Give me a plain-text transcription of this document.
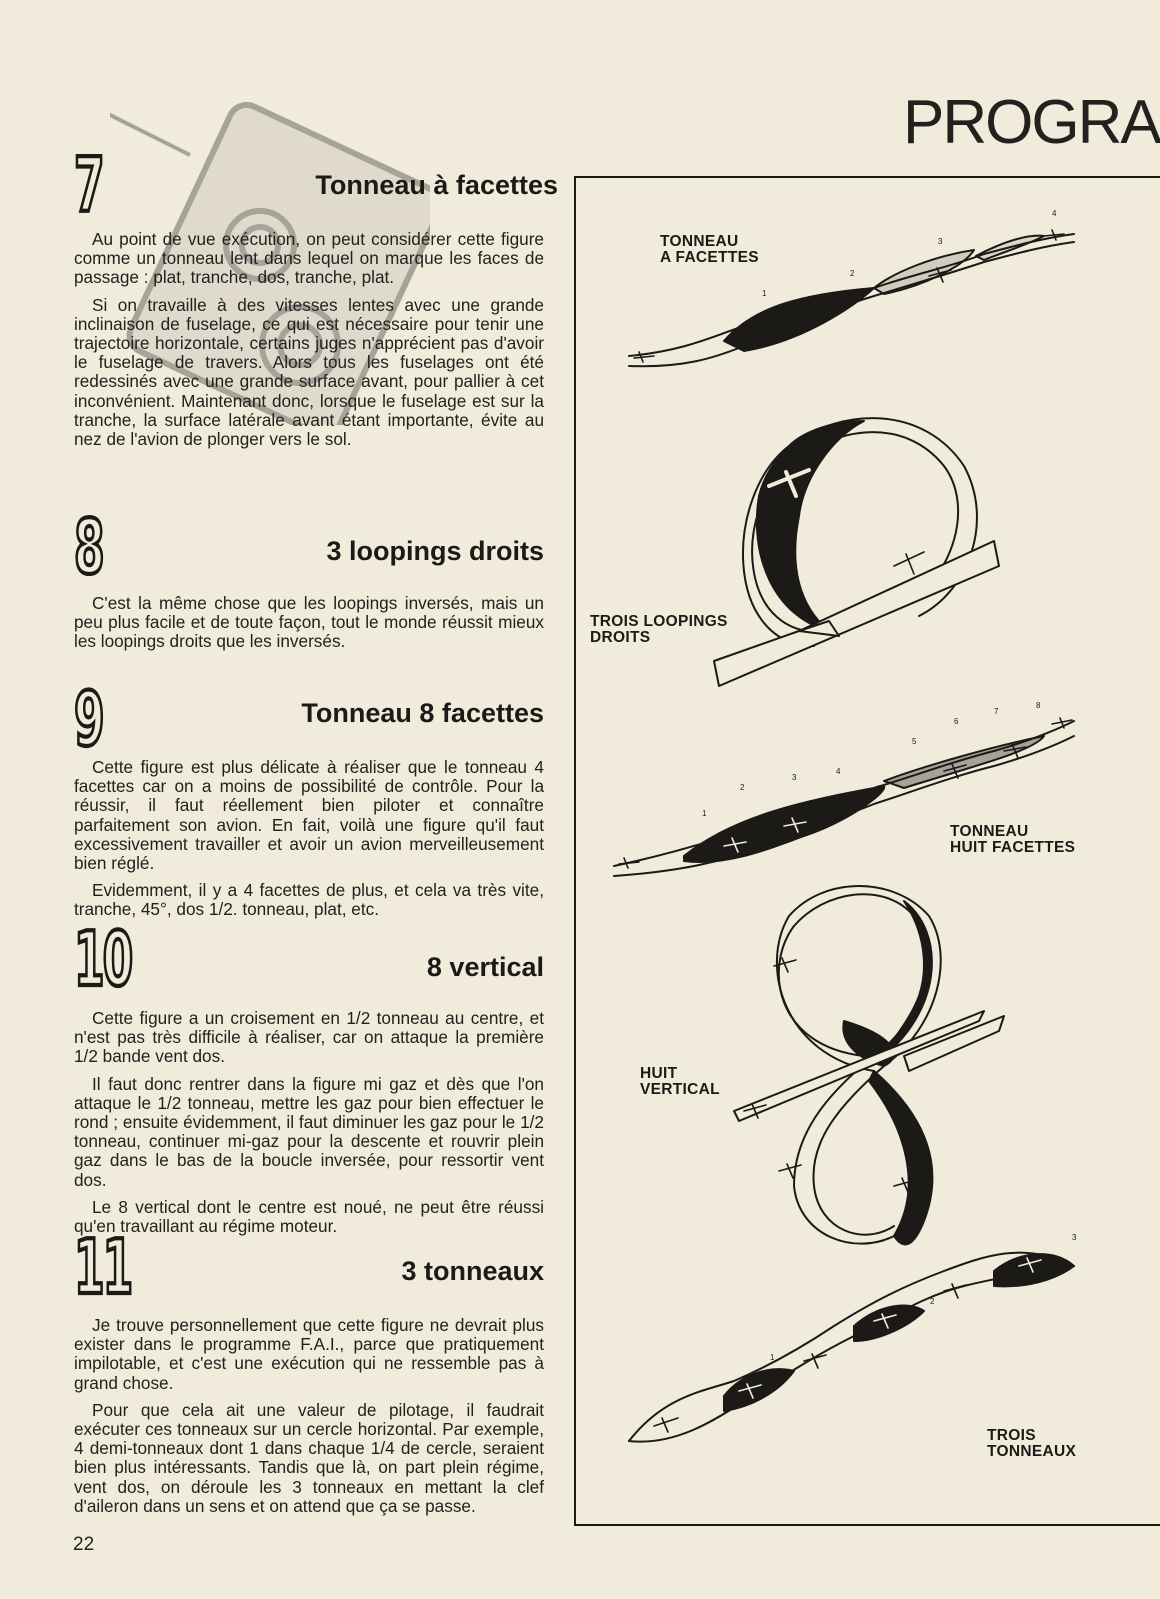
PROGRA
7	Tonneau à facettes

Au point de vue exécution, on peut considérer cette figure comme un tonneau lent dans lequel on marque les faces de passage : plat, tranche, dos, tranche, plat.

Si on travaille à des vitesses lentes avec une grande inclinaison de fuselage, ce qui est nécessaire pour tenir une trajectoire horizontale, certains juges n'apprécient pas d'avoir le fuselage de travers. Alors tous les fuselages ont été redessinés avec une grande surface avant, pour pallier à cet inconvénient. Maintenant donc, lorsque le fuselage est sur la tranche, la surface latérale avant étant importante, évite au nez de l'avion de plonger vers le sol.

8	3 loopings droits

C'est la même chose que les loopings inversés, mais un peu plus facile et de toute façon, tout le monde réussit mieux les loopings droits que les inversés.

9	Tonneau 8 facettes

Cette figure est plus délicate à réaliser que le tonneau 4 facettes car on a moins de possibilité de contrôle. Pour la réussir, il faut réellement bien piloter et connaître parfaitement son avion. En fait, voilà une figure qu'il faut excessivement travailler et avoir un avion merveilleusement bien réglé.

Evidemment, il y a 4 facettes de plus, et cela va très vite, tranche, 45°, dos 1/2. tonneau, plat, etc.

10	8 vertical

Cette figure a un croisement en 1/2 tonneau au centre, et n'est pas très difficile à réaliser, car on attaque la première 1/2 bande vent dos.

Il faut donc rentrer dans la figure mi gaz et dès que l'on attaque le 1/2 tonneau, mettre les gaz pour bien effectuer le rond ; ensuite évidemment, il faut diminuer les gaz pour le 1/2 tonneau, continuer mi-gaz pour la descente et rouvrir plein gaz dans le bas de la boucle inversée, pour ressortir vent dos.

Le 8 vertical dont le centre est noué, ne peut être réussi qu'en travaillant au régime moteur.

11	3 tonneaux

Je trouve personnellement que cette figure ne devrait plus exister dans le programme F.A.I., parce que pratiquement impilotable, et c'est une exécution qui ne ressemble pas à grand chose.

Pour que cela ait une valeur de pilotage, il faudrait exécuter ces tonneaux sur un cercle horizontal. Par exemple, 4 demi-tonneaux dont 1 dans chaque 1/4 de cercle, seraient bien plus intéressants. Tandis que là, on part plein régime, vent dos, on déroule les 3 tonneaux en mettant la clef d'aileron dans un sens et on attend que ça se passe.

22
1
2
3
4
1
2
3
4
5
6
7
8
1
2
3
TONNEAU
A FACETTES
TROIS LOOPINGS
DROITS
TONNEAU
HUIT FACETTES
HUIT
VERTICAL
TROIS
TONNEAUX
